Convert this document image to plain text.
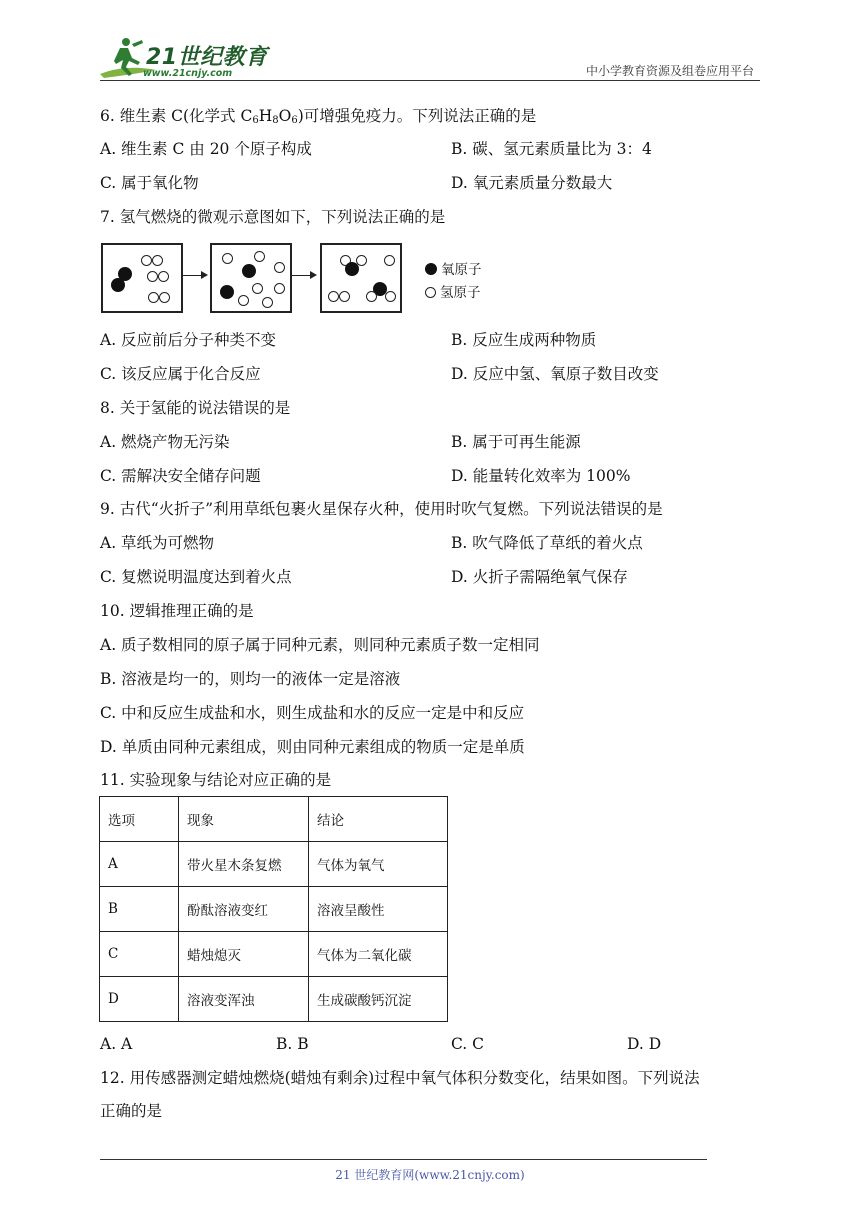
21世纪教育
www.21cnjy.com	中小学教育资源及组卷应用平台
6. 维生素 C(化学式 $C_6H_8O_6$)可增强免疫力。下列说法正确的是
A. 维生素 C 由 20 个原子构成	B. 碳、氢元素质量比为 3：4
C. 属于氧化物	D. 氧元素质量分数最大
7. 氢气燃烧的微观示意图如下，下列说法正确的是
氧原子
氢原子
A. 反应前后分子种类不变	B. 反应生成两种物质
C. 该反应属于化合反应	D. 反应中氢、氧原子数目改变
8. 关于氢能的说法错误的是
A. 燃烧产物无污染	B. 属于可再生能源
C. 需解决安全储存问题	D. 能量转化效率为 100%
9. 古代“火折子”利用草纸包裹火星保存火种，使用时吹气复燃。下列说法错误的是
A. 草纸为可燃物	B. 吹气降低了草纸的着火点
C. 复燃说明温度达到着火点	D. 火折子需隔绝氧气保存
10. 逻辑推理正确的是
A. 质子数相同的原子属于同种元素，则同种元素质子数一定相同
B. 溶液是均一的，则均一的液体一定是溶液
C. 中和反应生成盐和水，则生成盐和水的反应一定是中和反应
D. 单质由同种元素组成，则由同种元素组成的物质一定是单质
11. 实验现象与结论对应正确的是
选项	现象	结论
A	带火星木条复燃	气体为氧气
B	酚酞溶液变红	溶液呈酸性
C	蜡烛熄灭	气体为二氧化碳
D	溶液变浑浊	生成碳酸钙沉淀
A. A	B. B	C. C	D. D
12. 用传感器测定蜡烛燃烧(蜡烛有剩余)过程中氧气体积分数变化，结果如图。下列说法
正确的是
21 世纪教育网(www.21cnjy.com)
